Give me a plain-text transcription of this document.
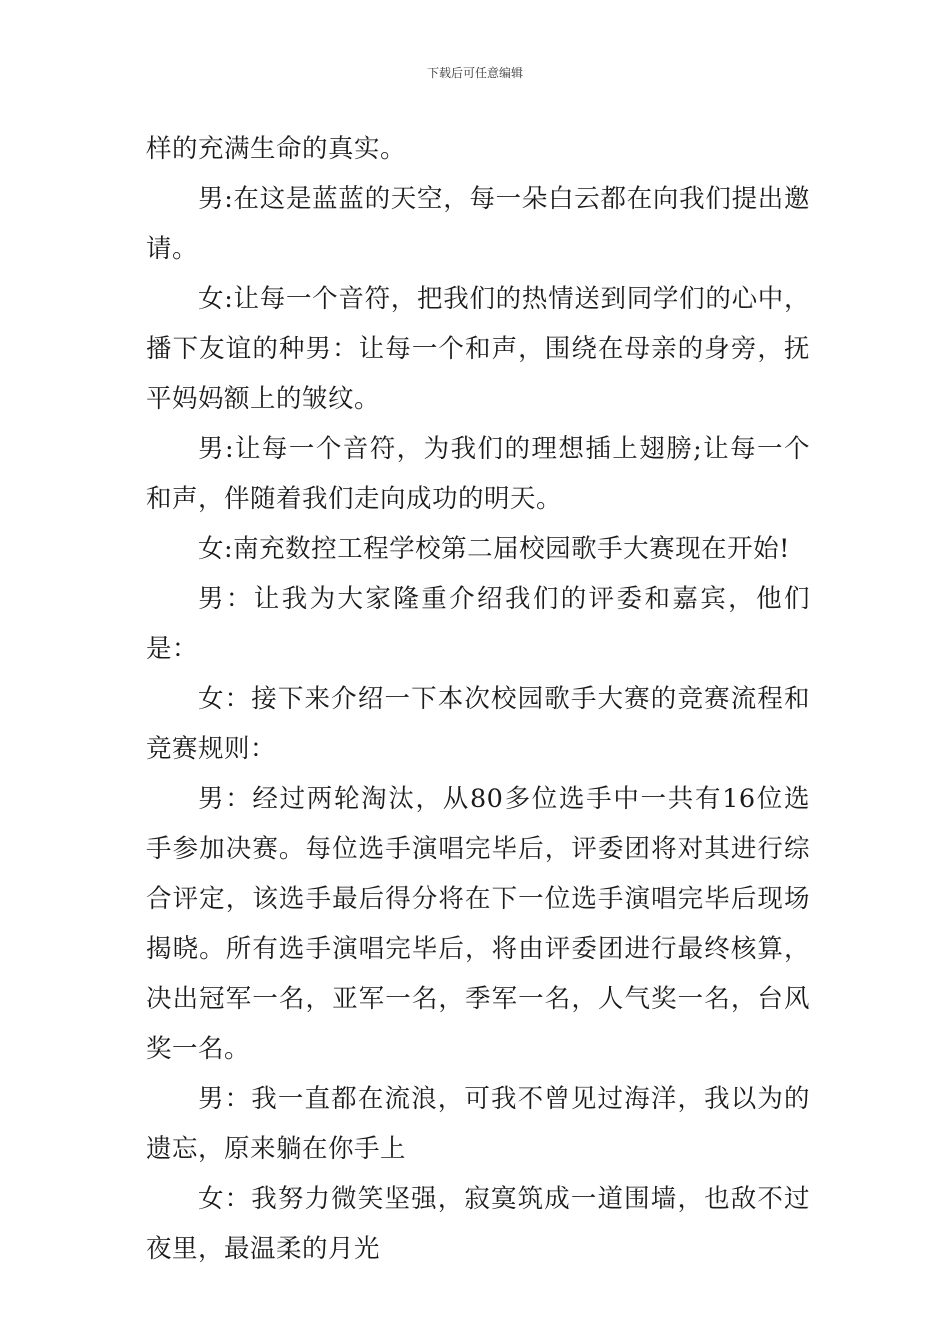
下载后可任意编辑

样的充满生命的真实。

男:在这是蓝蓝的天空，每一朵白云都在向我们提出邀请。

女:让每一个音符，把我们的热情送到同学们的心中，播下友谊的种男：让每一个和声，围绕在母亲的身旁，抚平妈妈额上的皱纹。

男:让每一个音符，为我们的理想插上翅膀;让每一个和声，伴随着我们走向成功的明天。

女:南充数控工程学校第二届校园歌手大赛现在开始!

男：让我为大家隆重介绍我们的评委和嘉宾，他们是：

女：接下来介绍一下本次校园歌手大赛的竞赛流程和竞赛规则：

男：经过两轮淘汰，从80多位选手中一共有16位选手参加决赛。每位选手演唱完毕后，评委团将对其进行综合评定，该选手最后得分将在下一位选手演唱完毕后现场揭晓。所有选手演唱完毕后，将由评委团进行最终核算，决出冠军一名，亚军一名，季军一名，人气奖一名，台风奖一名。

男：我一直都在流浪，可我不曾见过海洋，我以为的遗忘，原来躺在你手上

女：我努力微笑坚强，寂寞筑成一道围墙，也敌不过夜里，最温柔的月光
